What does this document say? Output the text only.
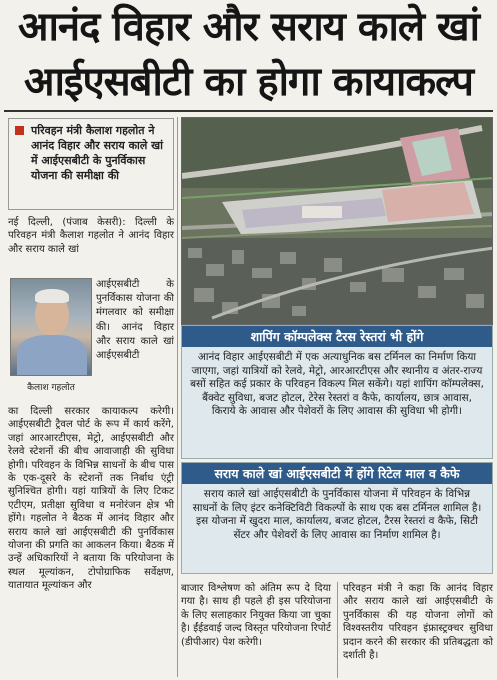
आनंद विहार और सराय काले खां
आईएसबीटी का होगा कायाकल्प
परिवहन मंत्री कैलाश गहलोत ने आनंद विहार और सराय काले खां में आईएसबीटी के पुनर्विकास योजना की समीक्षा की
नई दिल्ली, (पंजाब केसरी): दिल्ली के परिवहन मंत्री कैलाश गहलोत ने आनंद विहार और सराय काले खां
कैलाश गहलोत
आईएसबीटी के पुनर्विकास योजना की मंगलवार को समीक्षा की। आनंद विहार और सराय काले खां आईएसबीटी
का दिल्ली सरकार कायाकल्प करेगी। आईएसबीटी ट्रैवल पोर्ट के रूप में कार्य करेंगे, जहां आरआरटीएस, मेट्रो, आईएसबीटी और रेलवे स्टेशनों की बीच आवाजाही की सुविधा होगी। परिवहन के विभिन्न साधनों के बीच पास के एक-दूसरे के स्टेशनों तक निर्बाध एंट्री सुनिश्चित होगी। यहां यात्रियों के लिए टिकट एटीएम, प्रतीक्षा सुविधा व मनोरंजन क्षेत्र भी होंगे। गहलोत ने बैठक में आनंद विहार और सराय काले खां आईएसबीटी की पुनर्विकास योजना की प्रगति का आकलन किया। बैठक में उन्हें अधिकारियों ने बताया कि परियोजना के स्थल मूल्यांकन, टोपोग्राफिक सर्वेक्षण, यातायात मूल्यांकन और
शापिंग कॉम्पलेक्स टैरस रेस्तरां भी होंगे
आनंद विहार आईएसबीटी में एक अत्याधुनिक बस टर्मिनल का निर्माण किया जाएगा, जहां यात्रियों को रेलवे, मेट्रो, आरआरटीएस और स्थानीय व अंतर-राज्य बसों सहित कई प्रकार के परिवहन विकल्प मिल सकेंगे। यहां शापिंग कॉम्पलेक्स, बैंक्वेट सुविधा, बजट होटल, टेरेस रेस्तरां व कैफे, कार्यालय, छात्र आवास, किराये के आवास और पेशेवरों के लिए आवास की सुविधा भी होगी।
सराय काले खां आईएसबीटी में होंगे रिटेल माल व कैफे
सराय काले खां आईएसबीटी के पुनर्विकास योजना में परिवहन के विभिन्न साधनों के लिए इंटर कनेक्टिविटी विकल्पों के साथ एक बस टर्मिनल शामिल है। इस योजना में खुदरा माल, कार्यालय, बजट होटल, टैरस रेस्तरां व कैफे, सिटी सेंटर और पेशेवरों के लिए आवास का निर्माण शामिल है।
बाजार विश्लेषण को अंतिम रूप दे दिया गया है। साथ ही पहले ही इस परियोजना के लिए सलाहकार नियुक्त किया जा चुका है। ईंईडवाई जल्द विस्तृत परियोजना रिपोर्ट (डीपीआर) पेश करेगी।
परिवहन मंत्री ने कहा कि आनंद विहार और सराय काले खां आईएसबीटी के पुनर्विकास की यह योजना लोगों को विश्वस्तरीय परिवहन इंफ्रास्ट्रक्चर सुविधा प्रदान करने की सरकार की प्रतिबद्धता को दर्शाती है।
